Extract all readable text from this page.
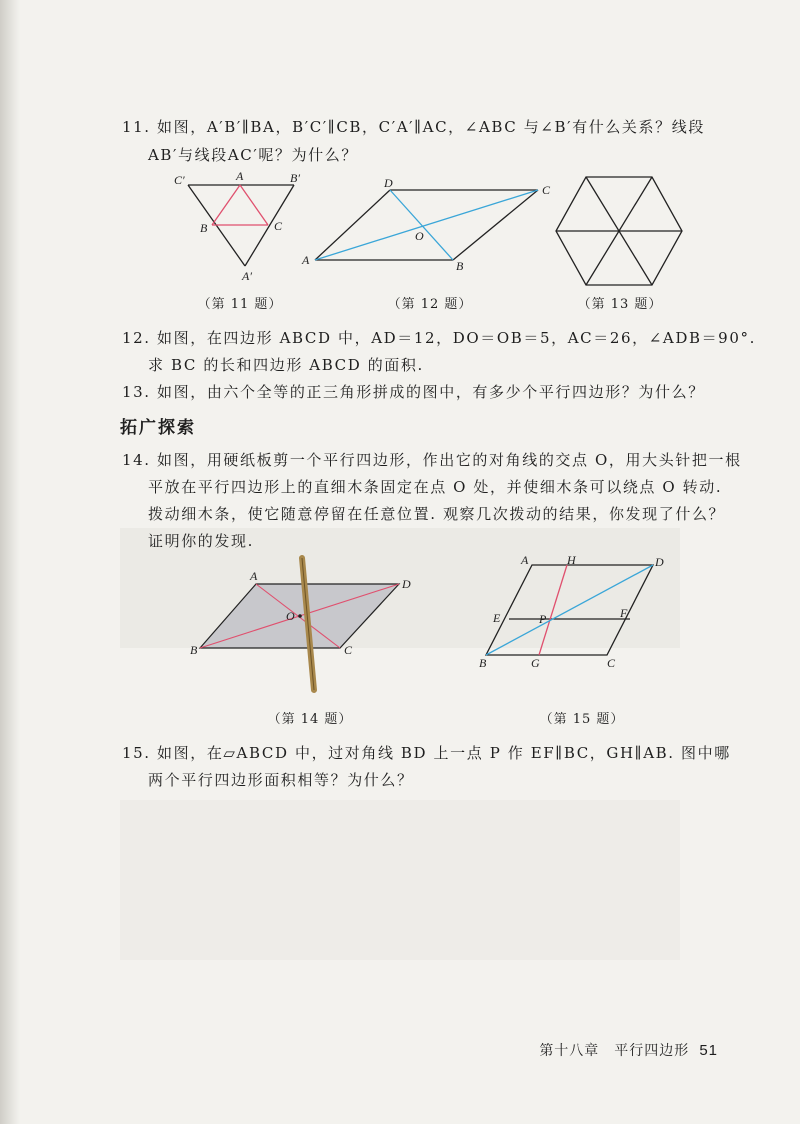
11. 如图，A′B′∥BA，B′C′∥CB，C′A′∥AC，∠ABC 与∠B′有什么关系？线段
AB′与线段AC′呢？为什么？
C′	A	B′
B	C
A′
（第 11 题）
D	C
O
A	B
（第 12 题）	（第 13 题）
12. 如图，在四边形 ABCD 中，AD＝12，DO＝OB＝5，AC＝26，∠ADB＝90°.
求 BC 的长和四边形 ABCD 的面积.
13. 如图，由六个全等的正三角形拼成的图中，有多少个平行四边形？为什么？
拓广探索
14. 如图，用硬纸板剪一个平行四边形，作出它的对角线的交点 O，用大头针把一根
平放在平行四边形上的直细木条固定在点 O 处，并使细木条可以绕点 O 转动.
拨动细木条，使它随意停留在任意位置. 观察几次拨动的结果，你发现了什么？
证明你的发现.
A
D
O
B	C
（第 14 题）
A	H	D
E	P	F
B	G	C
（第 15 题）
15. 如图，在▱ABCD 中，过对角线 BD 上一点 P 作 EF∥BC，GH∥AB. 图中哪
两个平行四边形面积相等？为什么？
第十八章　平行四边形 51
